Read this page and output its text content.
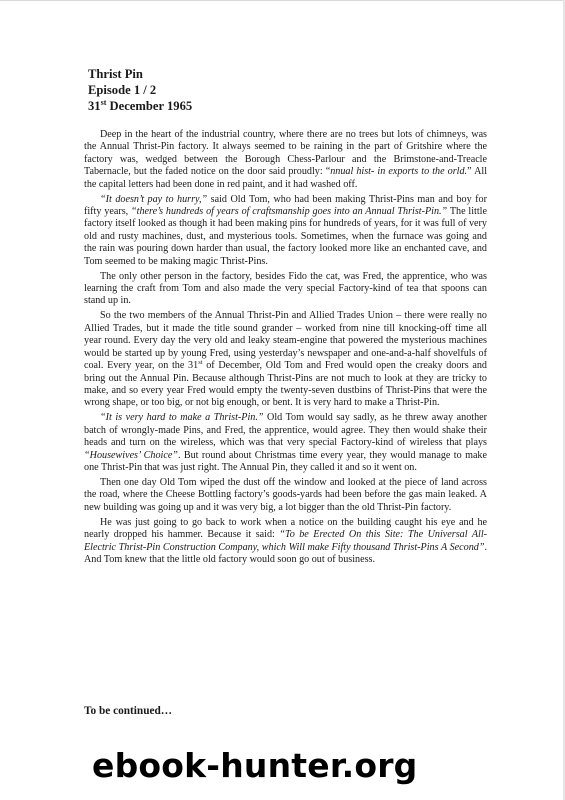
Thrist Pin
Episode 1 / 2
31st December 1965

Deep in the heart of the industrial country, where there are no trees but lots of chimneys, was the Annual Thrist-Pin factory. It always seemed to be raining in the part of Gritshire where the factory was, wedged between the Borough Chess-Parlour and the Brimstone-and-Treacle Tabernacle, but the faded notice on the door said proudly: “nnual hist- in exports to the orld.” All the capital letters had been done in red paint, and it had washed off.

“It doesn’t pay to hurry,” said Old Tom, who had been making Thrist-Pins man and boy for fifty years, “there’s hundreds of years of craftsmanship goes into an Annual Thrist-Pin.” The little factory itself looked as though it had been making pins for hundreds of years, for it was full of very old and rusty machines, dust, and mysterious tools. Sometimes, when the furnace was going and the rain was pouring down harder than usual, the factory looked more like an enchanted cave, and Tom seemed to be making magic Thrist-Pins.

The only other person in the factory, besides Fido the cat, was Fred, the apprentice, who was learning the craft from Tom and also made the very special Factory-kind of tea that spoons can stand up in.

So the two members of the Annual Thrist-Pin and Allied Trades Union – there were really no Allied Trades, but it made the title sound grander – worked from nine till knocking-off time all year round. Every day the very old and leaky steam-engine that powered the mysterious machines would be started up by young Fred, using yesterday’s newspaper and one-and-a-half shovelfuls of coal. Every year, on the 31st of December, Old Tom and Fred would open the creaky doors and bring out the Annual Pin. Because although Thrist-Pins are not much to look at they are tricky to make, and so every year Fred would empty the twenty-seven dustbins of Thrist-Pins that were the wrong shape, or too big, or not big enough, or bent. It is very hard to make a Thrist-Pin.

“It is very hard to make a Thrist-Pin.” Old Tom would say sadly, as he threw away another batch of wrongly-made Pins, and Fred, the apprentice, would agree. They then would shake their heads and turn on the wireless, which was that very special Factory-kind of wireless that plays “Housewives’ Choice”. But round about Christmas time every year, they would manage to make one Thrist-Pin that was just right. The Annual Pin, they called it and so it went on.

Then one day Old Tom wiped the dust off the window and looked at the piece of land across the road, where the Cheese Bottling factory’s goods-yards had been before the gas main leaked. A new building was going up and it was very big, a lot bigger than the old Thrist-Pin factory.

He was just going to go back to work when a notice on the building caught his eye and he nearly dropped his hammer. Because it said: “To be Erected On this Site: The Universal All-Electric Thrist-Pin Construction Company, which Will make Fifty thousand Thrist-Pins A Second”. And Tom knew that the little old factory would soon go out of business.

To be continued…
ebook-hunter.org
